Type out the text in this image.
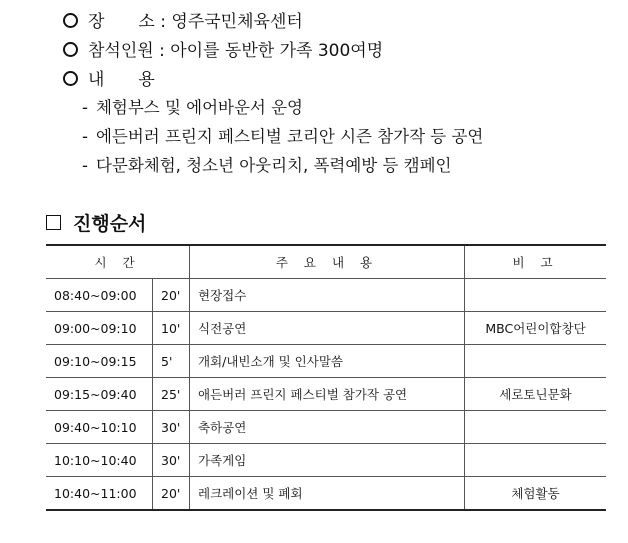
장　　소 : 영주국민체육센터
참석인원 : 아이를 동반한 가족 300여명
내　　용
- 체험부스 및 에어바운서 운영
- 에든버러 프린지 페스티벌 코리안 시즌 참가작 등 공연
- 다문화체험, 청소년 아웃리치, 폭력예방 등 캠페인
진행순서
시 간		주 요 내 용	비 고
08:40~09:00	20'	현장접수	
09:00~09:10	10'	식전공연	MBC어린이합창단
09:10~09:15	5'	개회/내빈소개 및 인사말씀	
09:15~09:40	25'	애든버러 프린지 페스티벌 참가작 공연	세로토닌문화
09:40~10:10	30'	축하공연	
10:10~10:40	30'	가족게임	
10:40~11:00	20'	레크레이션 및 폐회	체험활동
